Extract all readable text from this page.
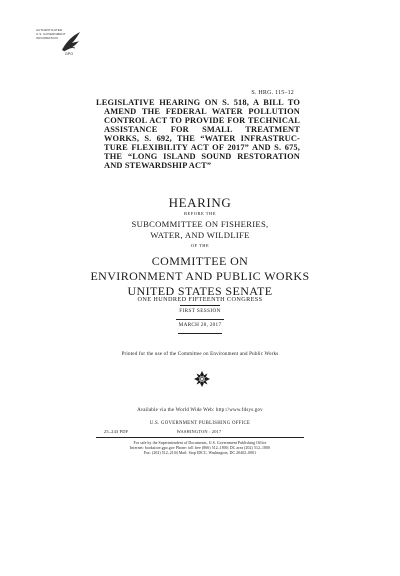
AUTHENTICATED
U.S. GOVERNMENT
INFORMATION
GPO
S. HRG. 115–12
LEGISLATIVE HEARING ON S. 518, A BILL TO
AMEND THE FEDERAL WATER POLLUTION
CONTROL ACT TO PROVIDE FOR TECHNICAL
ASSISTANCE FOR SMALL TREATMENT
WORKS, S. 692, THE “WATER INFRASTRUC-
TURE FLEXIBILITY ACT OF 2017” AND S. 675,
THE “LONG ISLAND SOUND RESTORATION
AND STEWARDSHIP ACT”
HEARING
BEFORE THE
SUBCOMMITTEE ON FISHERIES,
WATER, AND WILDLIFE
OF THE
COMMITTEE ON
ENVIRONMENT AND PUBLIC WORKS
UNITED STATES SENATE
ONE HUNDRED FIFTEENTH CONGRESS
FIRST SESSION
MARCH 28, 2017
Printed for the use of the Committee on Environment and Public Works
Available via the World Wide Web: http://www.fdsys.gov
U.S. GOVERNMENT PUBLISHING OFFICE
WASHINGTON : 2017
25–243 PDF
For sale by the Superintendent of Documents, U.S. Government Publishing Office
Internet: bookstore.gpo.gov Phone: toll free (866) 512–1800; DC area (202) 512–1800
Fax: (202) 512–2104 Mail: Stop IDCC, Washington, DC 20402–0001
